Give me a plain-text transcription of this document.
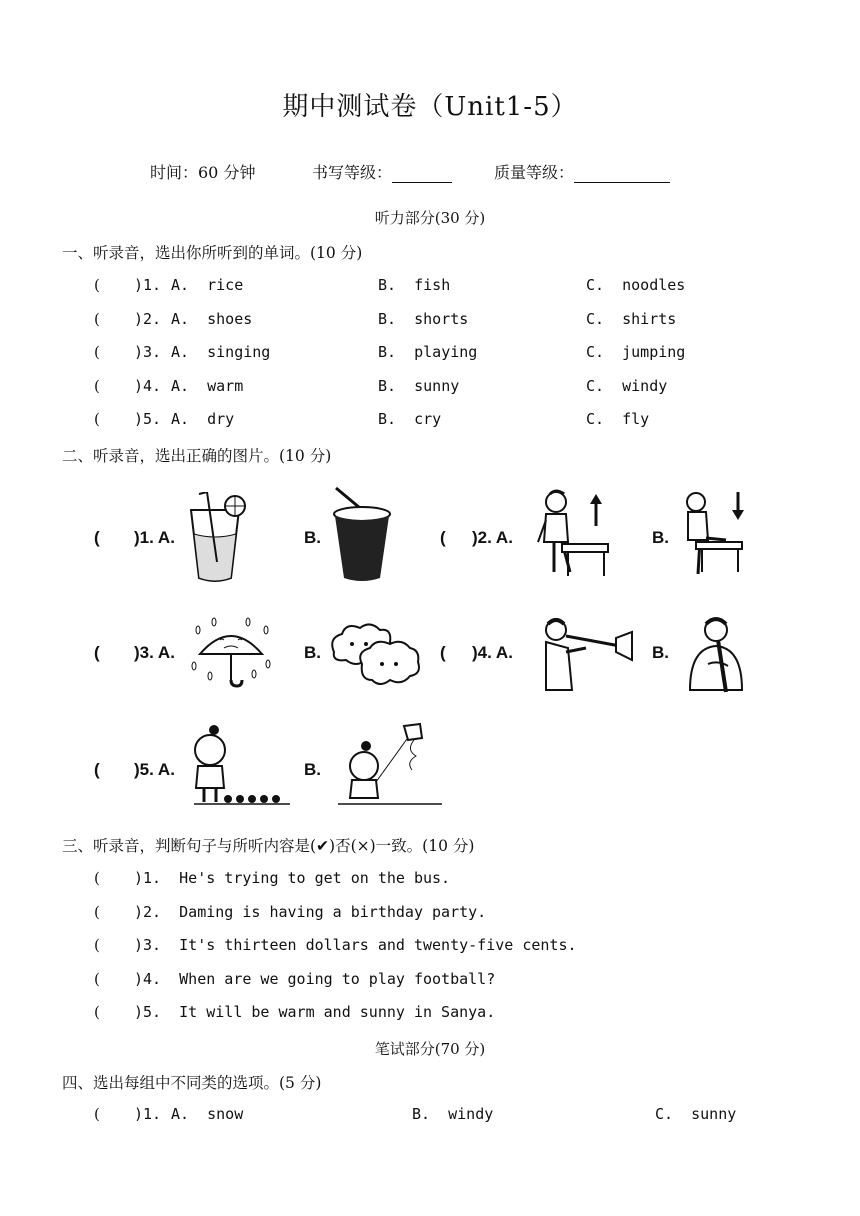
期中测试卷（Unit1-5）
时间：60 分钟	书写等级：	质量等级：
听力部分(30 分)
一、听录音，选出你所听到的单词。(10 分)
( )1. A.  rice	B.  fish	C.  noodles
( )2. A.  shoes	B.  shorts	C.  shirts
( )3. A.  singing	B.  playing	C.  jumping
( )4. A.  warm	B.  sunny	C.  windy
( )5. A.  dry	B.  cry	C.  fly
二、听录音，选出正确的图片。(10 分)
( )1. A.	B.	( )2. A.	B.
( )3. A.	B.	( )4. A.	B.
( )5. A.	B.
三、听录音，判断句子与所听内容是(✔)否(×)一致。(10 分)
( )1.  He's trying to get on the bus.
( )2.  Daming is having a birthday party.
( )3.  It's thirteen dollars and twenty-five cents.
( )4.  When are we going to play football?
( )5.  It will be warm and sunny in Sanya.
笔试部分(70 分)
四、选出每组中不同类的选项。(5 分)
( )1. A.  snow	B.  windy	C.  sunny
